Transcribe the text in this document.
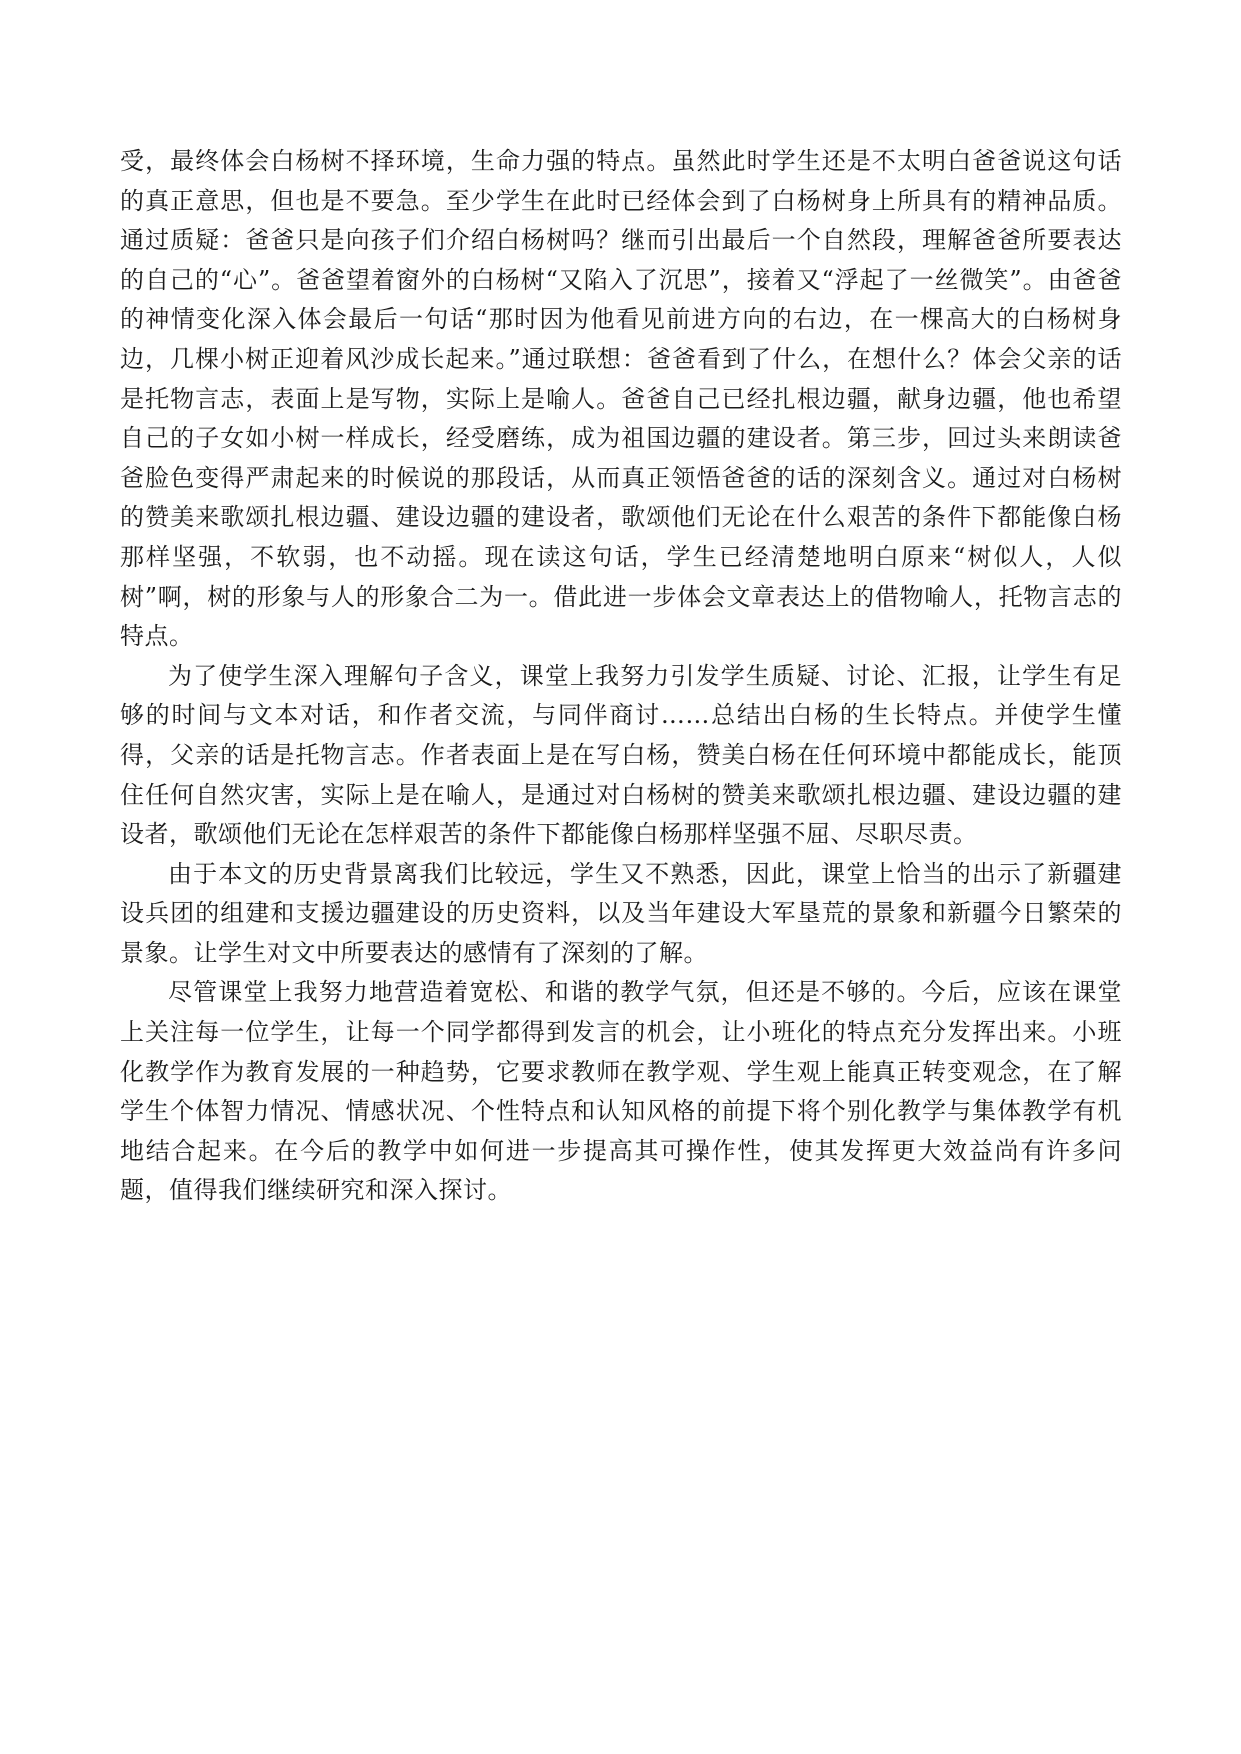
受，最终体会白杨树不择环境，生命力强的特点。虽然此时学生还是不太明白爸爸说这句话的真正意思，但也是不要急。至少学生在此时已经体会到了白杨树身上所具有的精神品质。通过质疑：爸爸只是向孩子们介绍白杨树吗？继而引出最后一个自然段，理解爸爸所要表达的自己的“心”。爸爸望着窗外的白杨树“又陷入了沉思”，接着又“浮起了一丝微笑”。由爸爸的神情变化深入体会最后一句话“那时因为他看见前进方向的右边，在一棵高大的白杨树身边，几棵小树正迎着风沙成长起来。”通过联想：爸爸看到了什么，在想什么？体会父亲的话是托物言志，表面上是写物，实际上是喻人。爸爸自己已经扎根边疆，献身边疆，他也希望自己的子女如小树一样成长，经受磨练，成为祖国边疆的建设者。第三步，回过头来朗读爸爸脸色变得严肃起来的时候说的那段话，从而真正领悟爸爸的话的深刻含义。通过对白杨树的赞美来歌颂扎根边疆、建设边疆的建设者，歌颂他们无论在什么艰苦的条件下都能像白杨那样坚强，不软弱，也不动摇。现在读这句话，学生已经清楚地明白原来“树似人，人似树”啊，树的形象与人的形象合二为一。借此进一步体会文章表达上的借物喻人，托物言志的特点。

为了使学生深入理解句子含义，课堂上我努力引发学生质疑、讨论、汇报，让学生有足够的时间与文本对话，和作者交流，与同伴商讨……总结出白杨的生长特点。并使学生懂得，父亲的话是托物言志。作者表面上是在写白杨，赞美白杨在任何环境中都能成长，能顶住任何自然灾害，实际上是在喻人，是通过对白杨树的赞美来歌颂扎根边疆、建设边疆的建设者，歌颂他们无论在怎样艰苦的条件下都能像白杨那样坚强不屈、尽职尽责。

由于本文的历史背景离我们比较远，学生又不熟悉，因此，课堂上恰当的出示了新疆建设兵团的组建和支援边疆建设的历史资料，以及当年建设大军垦荒的景象和新疆今日繁荣的景象。让学生对文中所要表达的感情有了深刻的了解。

尽管课堂上我努力地营造着宽松、和谐的教学气氛，但还是不够的。今后，应该在课堂上关注每一位学生，让每一个同学都得到发言的机会，让小班化的特点充分发挥出来。小班化教学作为教育发展的一种趋势，它要求教师在教学观、学生观上能真正转变观念，在了解学生个体智力情况、情感状况、个性特点和认知风格的前提下将个别化教学与集体教学有机地结合起来。在今后的教学中如何进一步提高其可操作性，使其发挥更大效益尚有许多问题，值得我们继续研究和深入探讨。
